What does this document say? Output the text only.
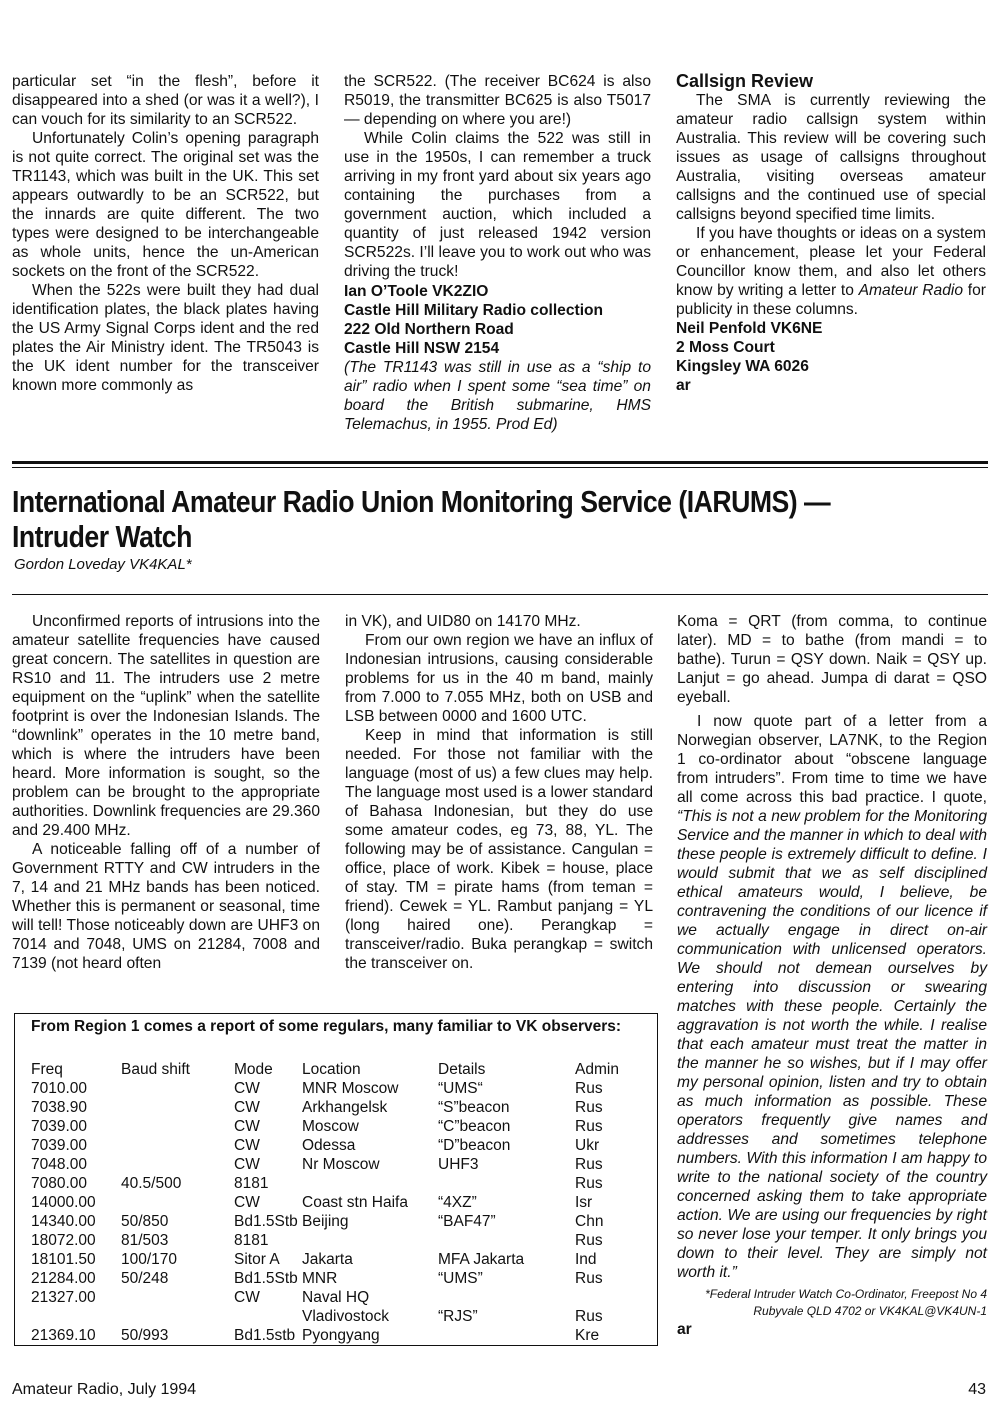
particular set “in the flesh”, before it disappeared into a shed (or was it a well?), I can vouch for its similarity to an SCR522.

Unfortunately Colin’s opening paragraph is not quite correct. The original set was the TR1143, which was built in the UK. This set appears outwardly to be an SCR522, but the innards are quite different. The two types were designed to be interchangeable as whole units, hence the un-American sockets on the front of the SCR522.

When the 522s were built they had dual identification plates, the black plates having the US Army Signal Corps ident and the red plates the Air Ministry ident. The TR5043 is the UK ident number for the transceiver known more commonly as

the SCR522. (The receiver BC624 is also R5019, the transmitter BC625 is also T5017 — depending on where you are!)

While Colin claims the 522 was still in use in the 1950s, I can remember a truck arriving in my front yard about six years ago containing the purchases from a government auction, which included a quantity of just released 1942 version SCR522s. I’ll leave you to work out who was driving the truck!

Ian O’Toole VK2ZIO

Castle Hill Military Radio collection

222 Old Northern Road

Castle Hill NSW 2154

(The TR1143 was still in use as a “ship to air” radio when I spent some “sea time” on board the British submarine, HMS Telemachus, in 1955. Prod Ed)

Callsign Review

The SMA is currently reviewing the amateur radio callsign system within Australia. This review will be covering such issues as usage of callsigns throughout Australia, visiting overseas amateur callsigns and the continued use of special callsigns beyond specified time limits.

If you have thoughts or ideas on a system or enhancement, please let your Federal Councillor know them, and also let others know by writing a letter to Amateur Radio for publicity in these columns.

Neil Penfold VK6NE

2 Moss Court

Kingsley WA 6026

ar

International Amateur Radio Union Monitoring Service (IARUMS) —
Intruder Watch
Gordon Loveday VK4KAL*

Unconfirmed reports of intrusions into the amateur satellite frequencies have caused great concern. The satellites in question are RS10 and 11. The intruders use 2 metre equipment on the “uplink” when the satellite footprint is over the Indonesian Islands. The “downlink” operates in the 10 metre band, which is where the intruders have been heard. More information is sought, so the problem can be brought to the appropriate authorities. Downlink frequencies are 29.360 and 29.400 MHz.

A noticeable falling off of a number of Government RTTY and CW intruders in the 7, 14 and 21 MHz bands has been noticed. Whether this is permanent or seasonal, time will tell! Those noticeably down are UHF3 on 7014 and 7048, UMS on 21284, 7008 and 7139 (not heard often

in VK), and UID80 on 14170 MHz.

From our own region we have an influx of Indonesian intrusions, causing considerable problems for us in the 40 m band, mainly from 7.000 to 7.055 MHz, both on USB and LSB between 0000 and 1600 UTC.

Keep in mind that information is still needed. For those not familiar with the language (most of us) a few clues may help. The language most used is a lower standard of Bahasa Indonesian, but they do use some amateur codes, eg 73, 88, YL. The following may be of assistance. Cangulan = office, place of work. Kibek = house, place of stay. TM = pirate hams (from teman = friend). Cewek = YL. Rambut panjang = YL (long haired one). Perangkap = transceiver/radio. Buka perangkap = switch the transceiver on.

Koma = QRT (from comma, to continue later). MD = to bathe (from mandi = to bathe). Turun = QSY down. Naik = QSY up. Lanjut = go ahead. Jumpa di darat = QSO eyeball.

I now quote part of a letter from a Norwegian observer, LA7NK, to the Region 1 co-ordinator about “obscene language from intruders”. From time to time we have all come across this bad practice. I quote, “This is not a new problem for the Monitoring Service and the manner in which to deal with these people is extremely difficult to define. I would submit that we as self disciplined ethical amateurs would, I believe, be contravening the conditions of our licence if we actually engage in direct on-air communication with unlicensed operators. We should not demean ourselves by entering into discussion or swearing matches with these people. Certainly the aggravation is not worth the while. I realise that each amateur must treat the matter in the manner he so wishes, but if I may offer my personal opinion, listen and try to obtain as much information as possible. These operators frequently give names and addresses and sometimes telephone numbers. With this information I am happy to write to the national society of the country concerned asking them to take appropriate action. We are using our frequencies by right so never lose your temper. It only brings you down to their level. They are simply not worth it.”

*Federal Intruder Watch Co-Ordinator, Freepost No 4
Rubyvale QLD 4702 or VK4KAL@VK4UN-1

ar

From Region 1 comes a report of some regulars, many familiar to VK observers:
Freq	Baud shift	Mode	Location	Details	Admin
7010.00		CW	MNR Moscow	“UMS“	Rus
7038.90		CW	Arkhangelsk	“S”beacon	Rus
7039.00		CW	Moscow	“C”beacon	Rus
7039.00		CW	Odessa	“D”beacon	Ukr
7048.00		CW	Nr Moscow	UHF3	Rus
7080.00	40.5/500	8181			Rus
14000.00		CW	Coast stn Haifa	“4XZ”	Isr
14340.00	50/850	Bd1.5Stb	Beijing	“BAF47”	Chn
18072.00	81/503	8181			Rus
18101.50	100/170	Sitor A	Jakarta	MFA Jakarta	Ind
21284.00	50/248	Bd1.5Stb	MNR	“UMS”	Rus
21327.00		CW	Naval HQ		
			Vladivostock	“RJS”	Rus
21369.10	50/993	Bd1.5stb	Pyongyang		Kre
Amateur Radio, July 1994	43
